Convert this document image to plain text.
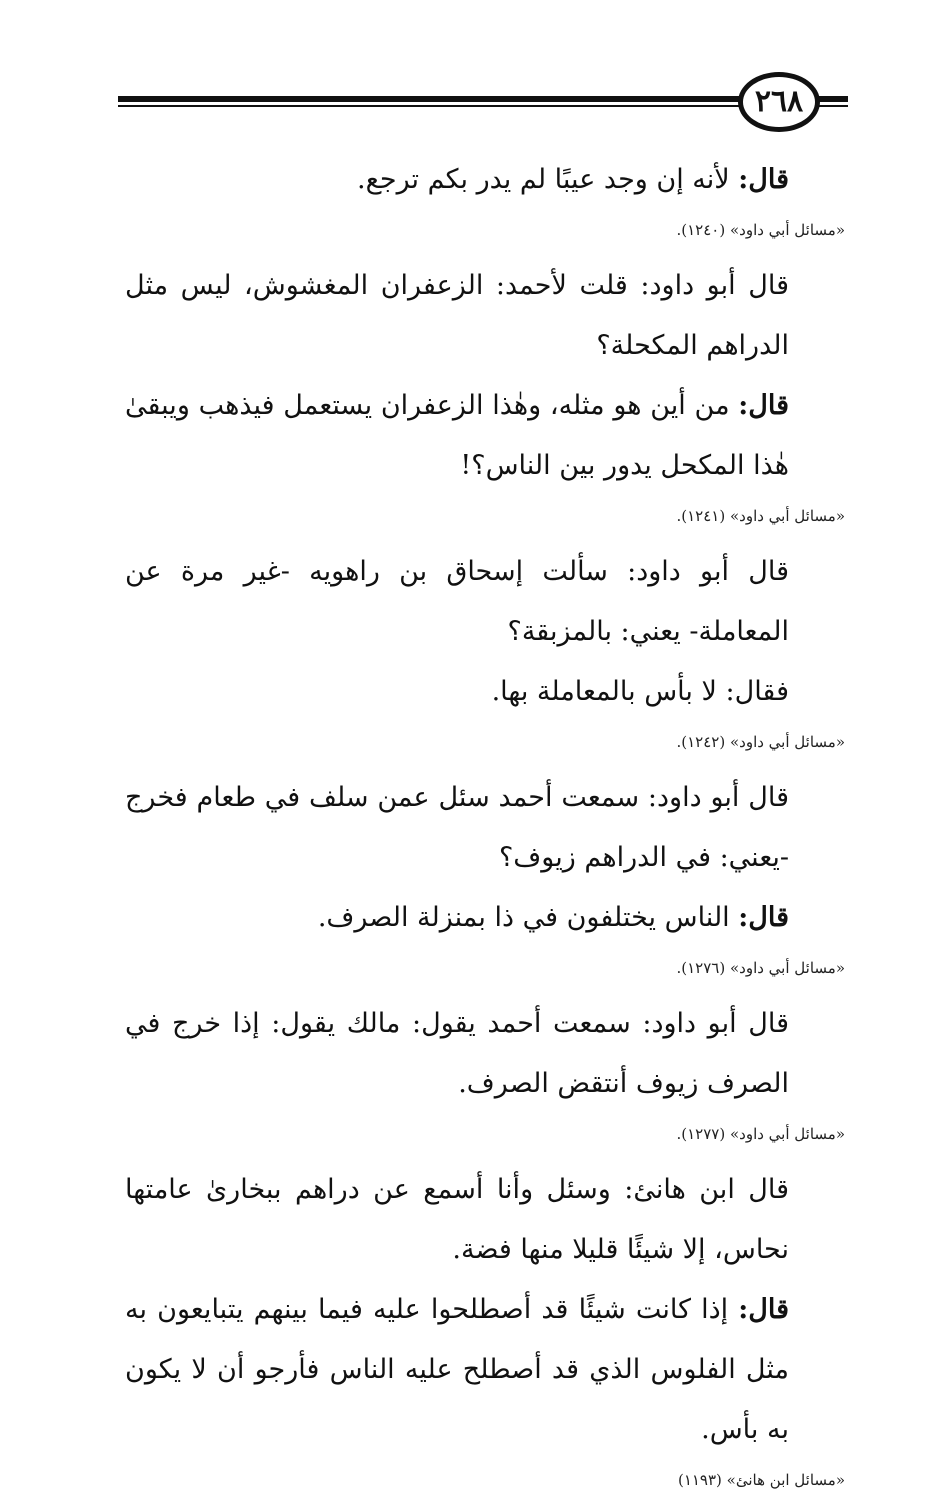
٢٦٨

قال: لأنه إن وجد عيبًا لم يدر بكم ترجع.

«مسائل أبي داود» (١٢٤٠).

قال أبو داود: قلت لأحمد: الزعفران المغشوش، ليس مثل الدراهم المكحلة؟

قال: من أين هو مثله، وهٰذا الزعفران يستعمل فيذهب ويبقىٰ هٰذا المكحل يدور بين الناس؟!

«مسائل أبي داود» (١٢٤١).

قال أبو داود: سألت إسحاق بن راهويه -غير مرة عن المعاملة- يعني: بالمزبقة؟

فقال: لا بأس بالمعاملة بها.

«مسائل أبي داود» (١٢٤٢).

قال أبو داود: سمعت أحمد سئل عمن سلف في طعام فخرج -يعني: في الدراهم زيوف؟

قال: الناس يختلفون في ذا بمنزلة الصرف.

«مسائل أبي داود» (١٢٧٦).

قال أبو داود: سمعت أحمد يقول: مالك يقول: إذا خرج في الصرف زيوف أنتقض الصرف.

«مسائل أبي داود» (١٢٧٧).

قال ابن هانئ: وسئل وأنا أسمع عن دراهم ببخارىٰ عامتها نحاس، إلا شيئًا قليلا منها فضة.

قال: إذا كانت شيئًا قد أصطلحوا عليه فيما بينهم يتبايعون به مثل الفلوس الذي قد أصطلح عليه الناس فأرجو أن لا يكون به بأس.

«مسائل ابن هانئ» (١١٩٣)
